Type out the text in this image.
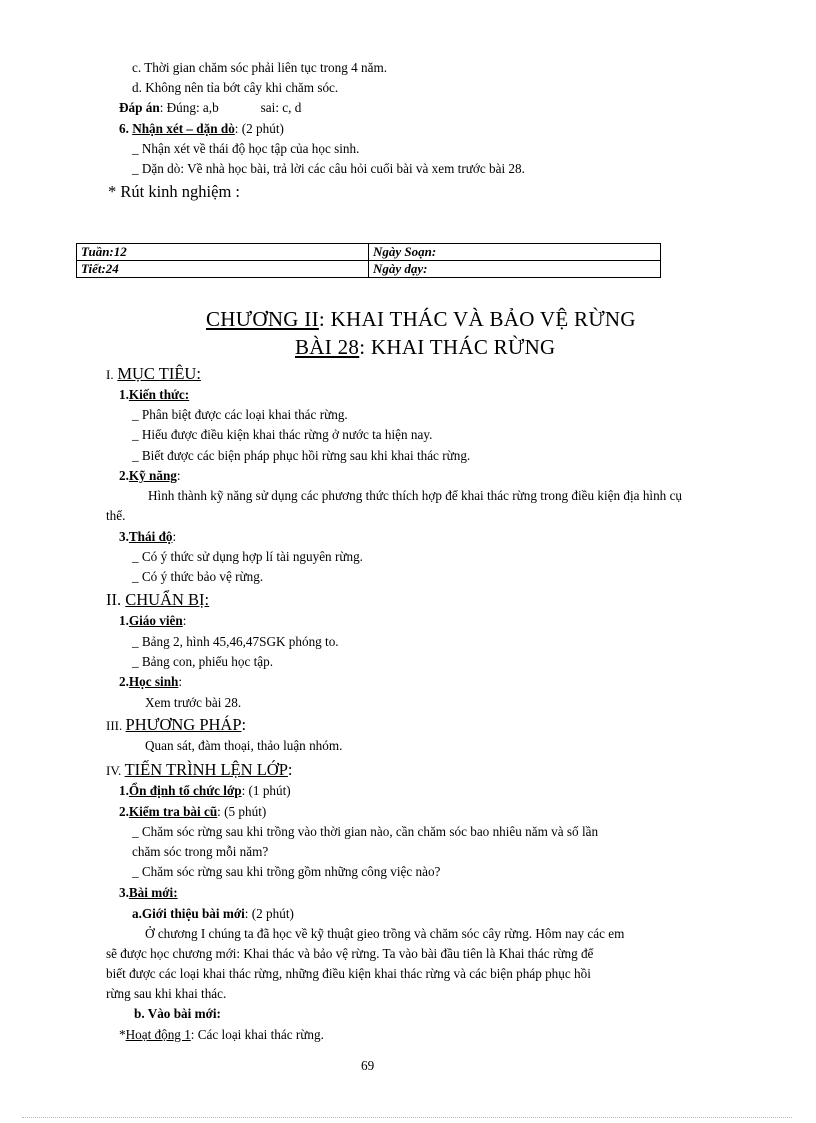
c. Thời gian chăm sóc phải liên tục trong 4 năm.
d. Không nên tỉa bớt cây khi chăm sóc.
Đáp án: Đúng: a,b	sai: c, d
6. Nhận xét – dặn dò: (2 phút)
_ Nhận xét về thái độ học tập của học sinh.
_ Dặn dò: Về nhà học bài, trả lời các câu hỏi cuối bài và xem trước bài 28.
* Rút kinh nghiệm :
Tuần:12	Ngày Soạn:
Tiết:24	Ngày dạy:
CHƯƠNG II: KHAI THÁC VÀ BẢO VỆ RỪNG
BÀI 28: KHAI THÁC RỪNG
I. MỤC TIÊU:
1.Kiến thức:
_ Phân biệt được các loại khai thác rừng.
_ Hiểu được điều kiện khai thác rừng ở nước ta hiện nay.
_ Biết được các biện pháp phục hồi rừng sau khi khai thác rừng.
2.Kỹ năng:
Hình thành kỹ năng sử dụng các phương thức thích hợp để khai thác rừng trong điều kiện địa hình cụ
thể.
3.Thái độ:
_ Có ý thức sử dụng hợp lí tài nguyên rừng.
_ Có ý thức bảo vệ rừng.
II. CHUẨN BỊ:
1.Giáo viên:
_ Bảng 2, hình 45,46,47SGK phóng to.
_ Bảng con, phiếu học tập.
2.Học sinh:
Xem trước bài 28.
III. PHƯƠNG PHÁP:
Quan sát, đàm thoại, thảo luận nhóm.
IV. TIẾN TRÌNH LỆN LỚP:
1.Ổn định tổ chức lớp: (1 phút)
2.Kiểm tra bài cũ: (5 phút)
_ Chăm sóc rừng sau khi trồng vào thời gian nào, cần chăm sóc bao nhiêu năm và số lần
chăm sóc trong mỗi năm?
_ Chăm sóc rừng sau khi trồng gồm những công việc nào?
3.Bài mới:
a.Giới thiệu bài mới: (2 phút)
Ở chương I chúng ta đã học về kỹ thuật gieo trồng và chăm sóc cây rừng. Hôm nay các em
sẽ được học chương mới: Khai thác và bảo vệ rừng. Ta vào bài đầu tiên là Khai thác rừng để
biết được các loại khai thác rừng, những điều kiện khai thác rừng và các biện pháp phục hồi
rừng sau khi khai thác.
b. Vào bài mới:
*Hoạt động 1: Các loại khai thác rừng.
69
